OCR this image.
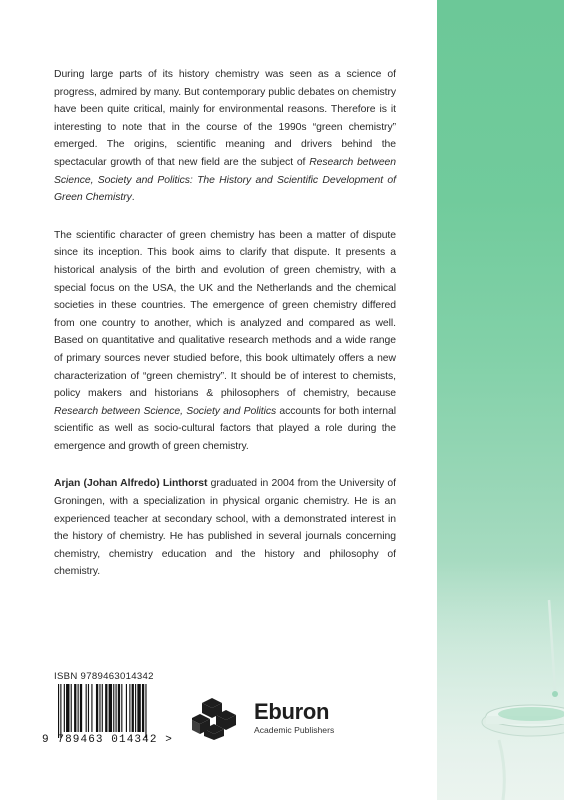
During large parts of its history chemistry was seen as a science of progress, admired by many. But contemporary public debates on chemistry have been quite critical, mainly for environmental reasons. Therefore is it interesting to note that in the course of the 1990s “green chemistry” emerged. The origins, scientific meaning and drivers behind the spectacular growth of that new field are the subject of Research between Science, Society and Politics: The History and Scientific Development of Green Chemistry.

The scientific character of green chemistry has been a matter of dispute since its inception. This book aims to clarify that dispute. It presents a historical analysis of the birth and evolution of green chemistry, with a special focus on the USA, the UK and the Netherlands and the chemical societies in these countries. The emergence of green chemistry differed from one country to another, which is analyzed and compared as well. Based on quantitative and qualitative research methods and a wide range of primary sources never studied before, this book ultimately offers a new characterization of “green chemistry”. It should be of interest to chemists, policy makers and historians & philosophers of chemistry, because Research between Science, Society and Politics accounts for both internal scientific as well as socio-cultural factors that played a role during the emergence and growth of green chemistry.

Arjan (Johan Alfredo) Linthorst graduated in 2004 from the University of Groningen, with a specialization in physical organic chemistry. He is an experienced teacher at secondary school, with a demonstrated interest in the history of chemistry. He has published in several journals concerning chemistry, chemistry education and the history and philosophy of chemistry.

ISBN 9789463014342
9 789463 014342 >
Eburon
Academic Publishers
